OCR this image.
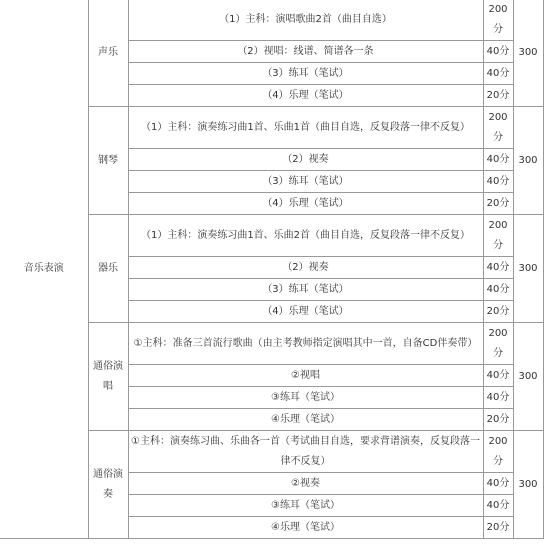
音乐表演	声乐	（1）主科：演唱歌曲2首（曲目自选）	200分	300
		（2）视唱：线谱、简谱各一条	40分	
		（3）练耳（笔试）	40分	
		（4）乐理（笔试）	20分	
	钢琴	（1）主科：演奏练习曲1首、乐曲1首（曲目自选，反复段落一律不反复）	200分	300
		（2）视奏	40分	
		（3）练耳（笔试）	40分	
		（4）乐理（笔试）	20分	
	器乐	（1）主科：演奏练习曲1首、乐曲2首（曲目自选，反复段落一律不反复）	200分	300
		（2）视奏	40分	
		（3）练耳（笔试）	40分	
		（4）乐理（笔试）	20分	
	通俗演唱	①主科：准备三首流行歌曲（由主考教师指定演唱其中一首，自备CD伴奏带）	200分	300
		②视唱	40分	
		③练耳（笔试）	40分	
		④乐理（笔试）	20分	
	通俗演奏	①主科：演奏练习曲、乐曲各一首（考试曲目自选，要求背谱演奏，反复段落一律不反复）	200分	300
		②视奏	40分	
		③练耳（笔试）	40分	
		④乐理（笔试）	20分	
